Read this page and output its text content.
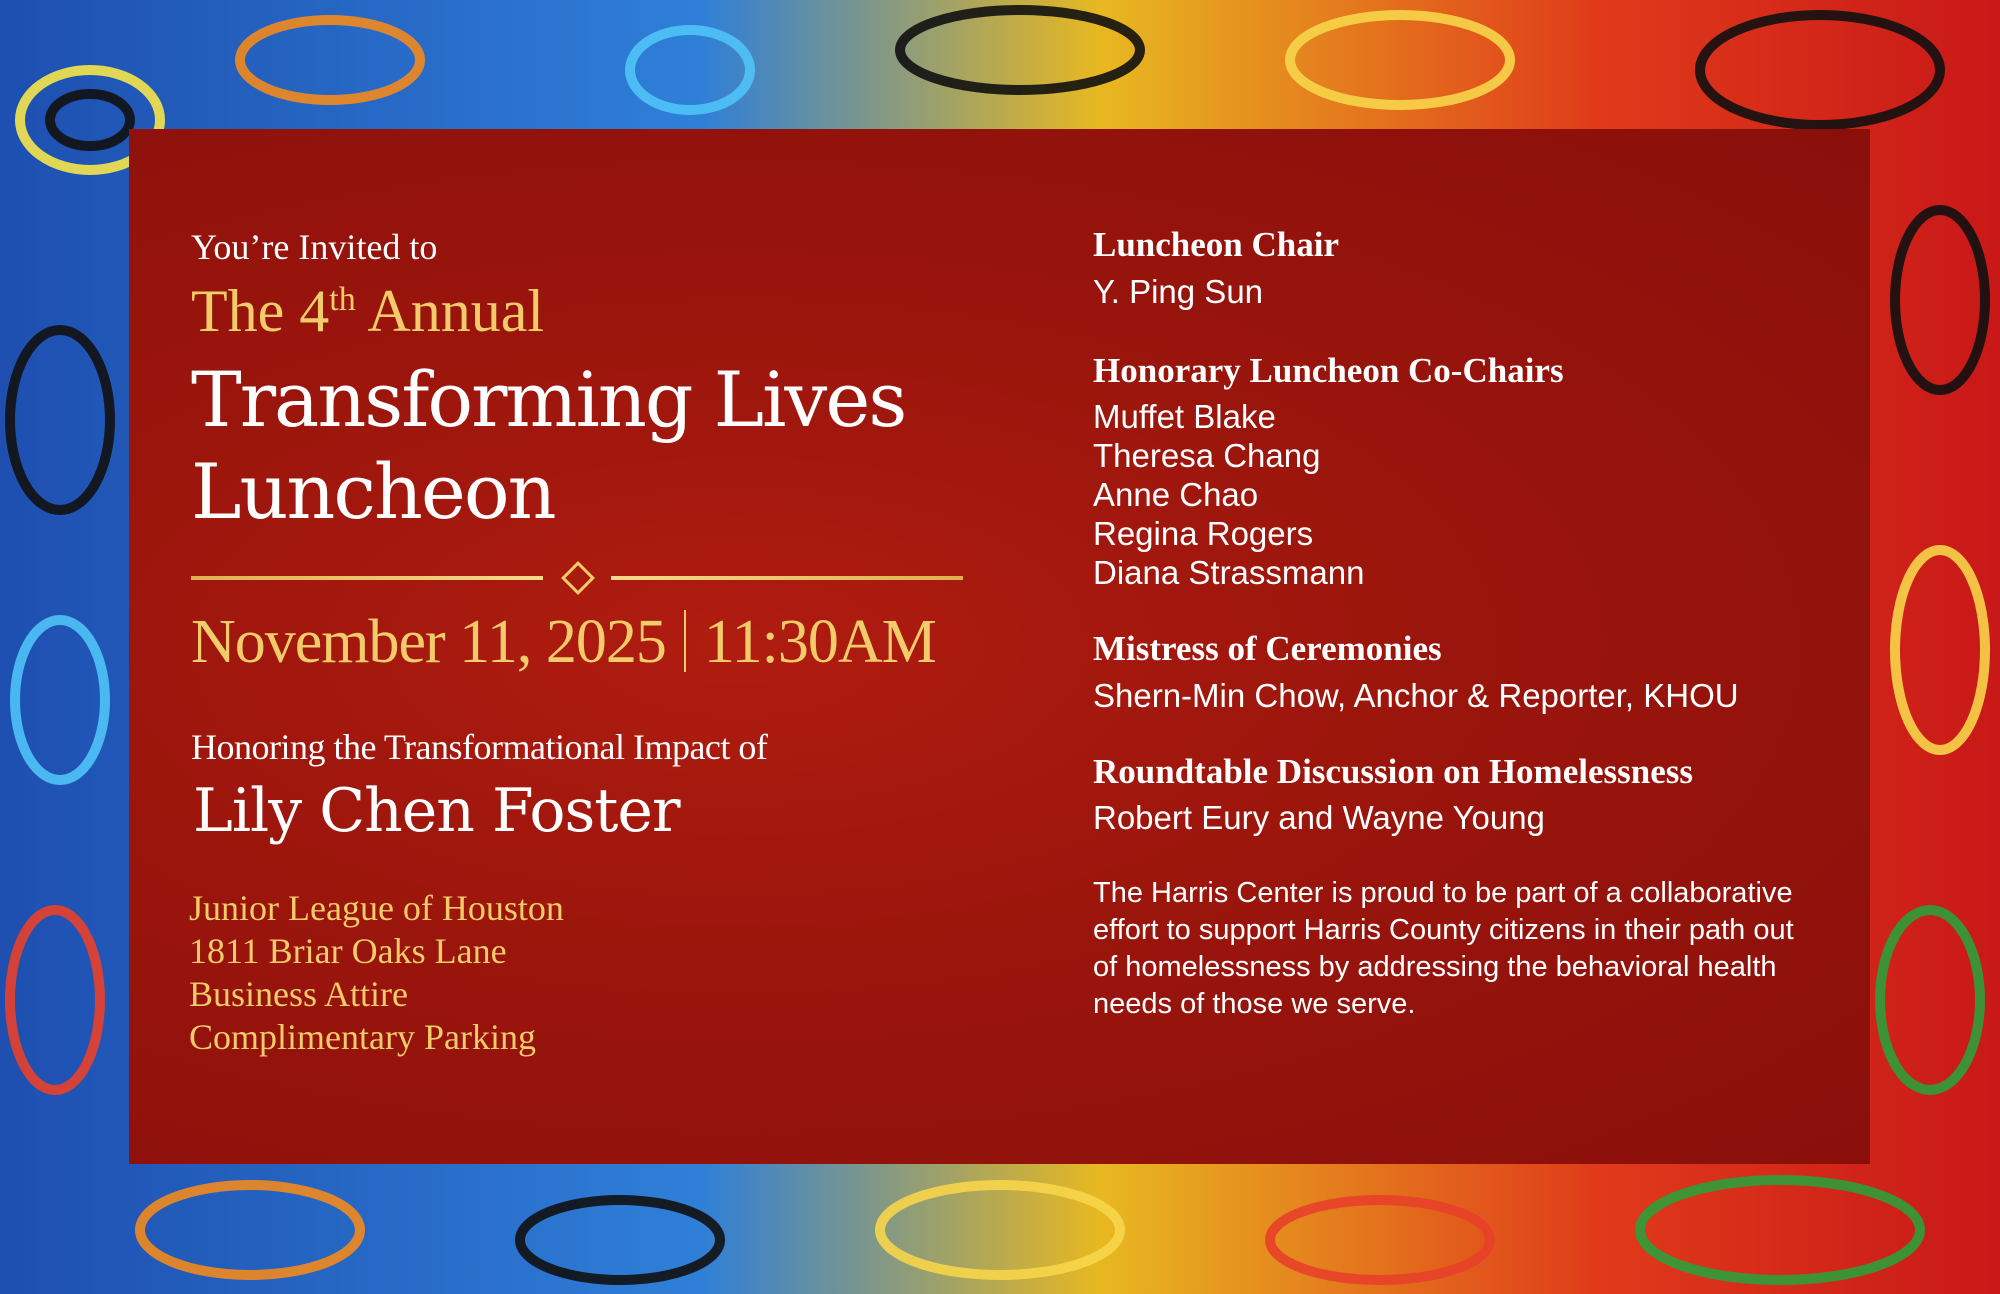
You’re Invited to
The 4th Annual
Transforming Lives
Luncheon
November 11, 2025 11:30AM
Honoring the Transformational Impact of
Lily Chen Foster
Junior League of Houston
1811 Briar Oaks Lane
Business Attire
Complimentary Parking
Luncheon Chair
Y. Ping Sun
Honorary Luncheon Co-Chairs
Muffet Blake
Theresa Chang
Anne Chao
Regina Rogers
Diana Strassmann
Mistress of Ceremonies
Shern-Min Chow, Anchor & Reporter, KHOU
Roundtable Discussion on Homelessness
Robert Eury and Wayne Young
The Harris Center is proud to be part of a collaborative effort to support Harris County citizens in their path out of homelessness by addressing the behavioral health needs of those we serve.
